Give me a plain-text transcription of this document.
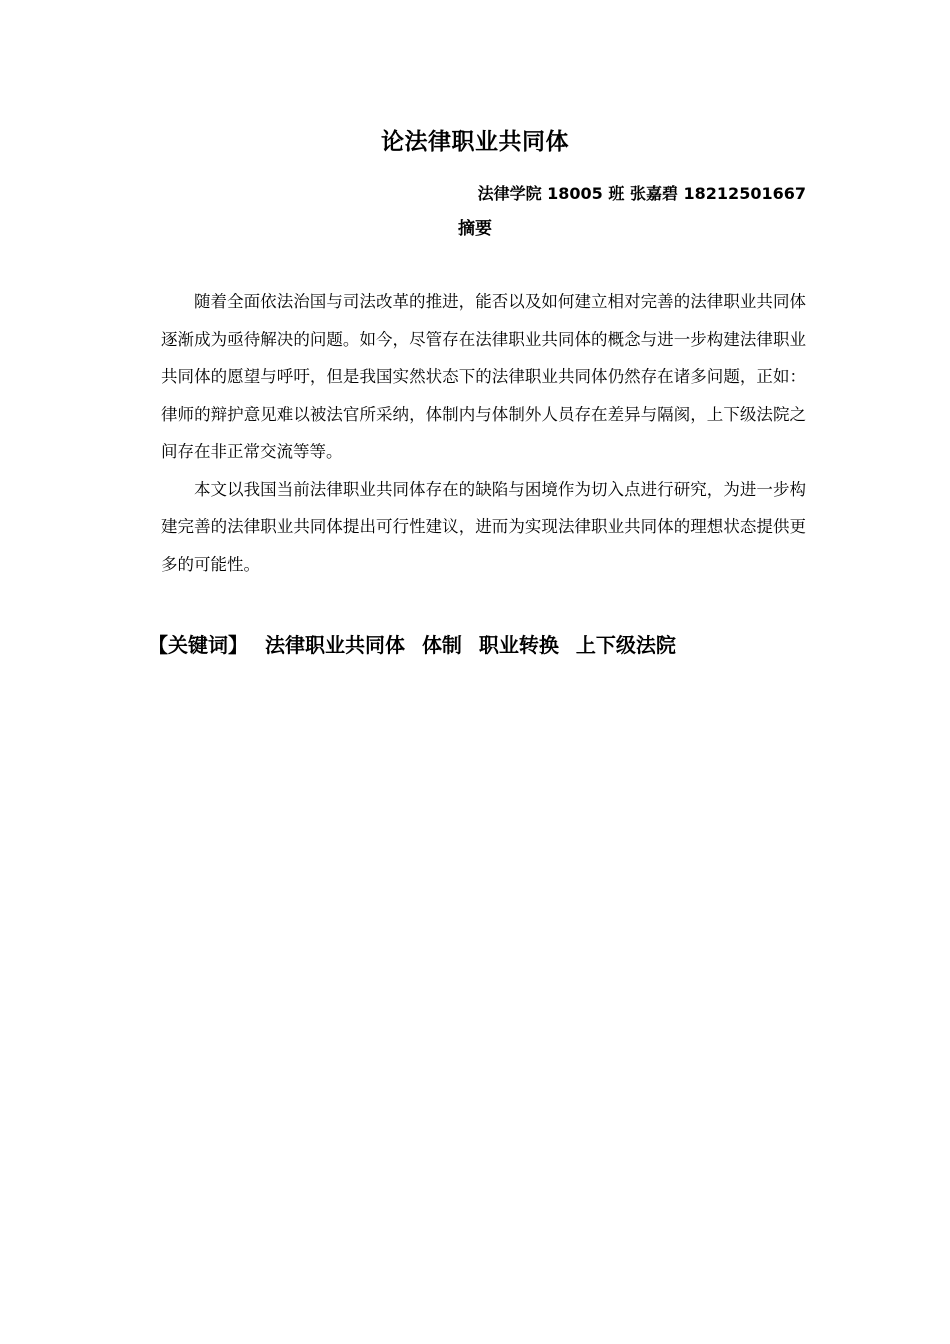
论法律职业共同体
法律学院 18005 班 张嘉碧 18212501667
摘要

随着全面依法治国与司法改革的推进，能否以及如何建立相对完善的法律职业共同体逐渐成为亟待解决的问题。如今，尽管存在法律职业共同体的概念与进一步构建法律职业共同体的愿望与呼吁，但是我国实然状态下的法律职业共同体仍然存在诸多问题，正如：律师的辩护意见难以被法官所采纳，体制内与体制外人员存在差异与隔阂，上下级法院之间存在非正常交流等等。

本文以我国当前法律职业共同体存在的缺陷与困境作为切入点进行研究，为进一步构建完善的法律职业共同体提出可行性建议，进而为实现法律职业共同体的理想状态提供更多的可能性。

【关键词】 法律职业共同体 体制 职业转换 上下级法院
